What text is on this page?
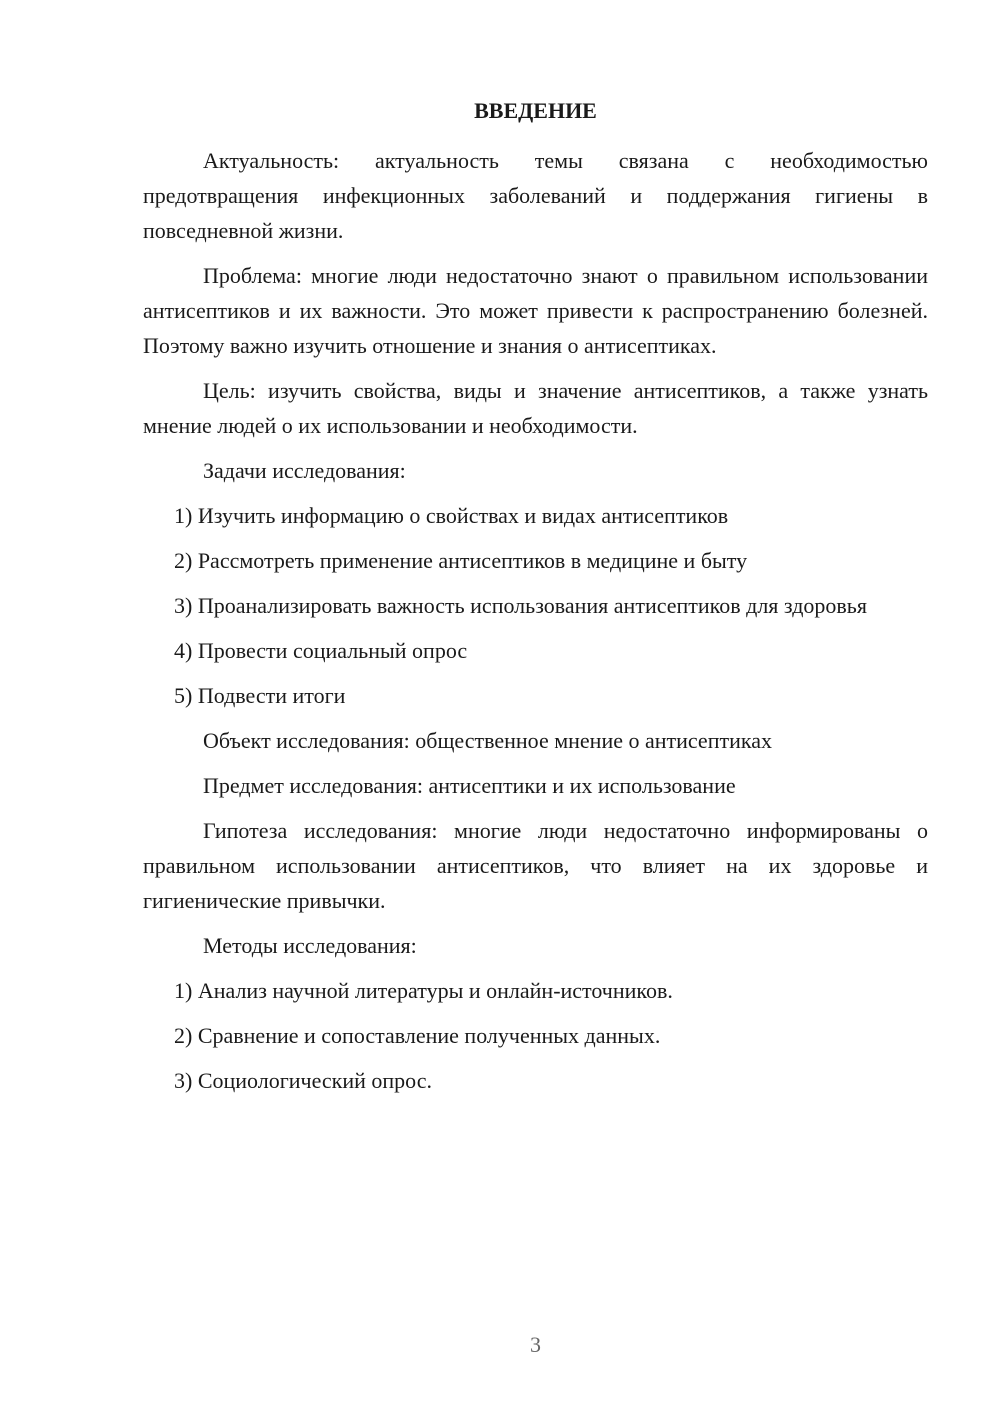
ВВЕДЕНИЕ

Актуальность: актуальность темы связана с необходимостью предотвращения инфекционных заболеваний и поддержания гигиены в повседневной жизни.

Проблема: многие люди недостаточно знают о правильном использовании антисептиков и их важности. Это может привести к распространению болезней. Поэтому важно изучить отношение и знания о антисептиках.

Цель: изучить свойства, виды и значение антисептиков, а также узнать мнение людей о их использовании и необходимости.

Задачи исследования:

1) Изучить информацию о свойствах и видах антисептиков

2) Рассмотреть применение антисептиков в медицине и быту

3) Проанализировать важность использования антисептиков для здоровья

4) Провести социальный опрос

5) Подвести итоги

Объект исследования: общественное мнение о антисептиках

Предмет исследования: антисептики и их использование

Гипотеза исследования: многие люди недостаточно информированы о правильном использовании антисептиков, что влияет на их здоровье и гигиенические привычки.

Методы исследования:

1) Анализ научной литературы и онлайн-источников.

2) Сравнение и сопоставление полученных данных.

3) Социологический опрос.

3
